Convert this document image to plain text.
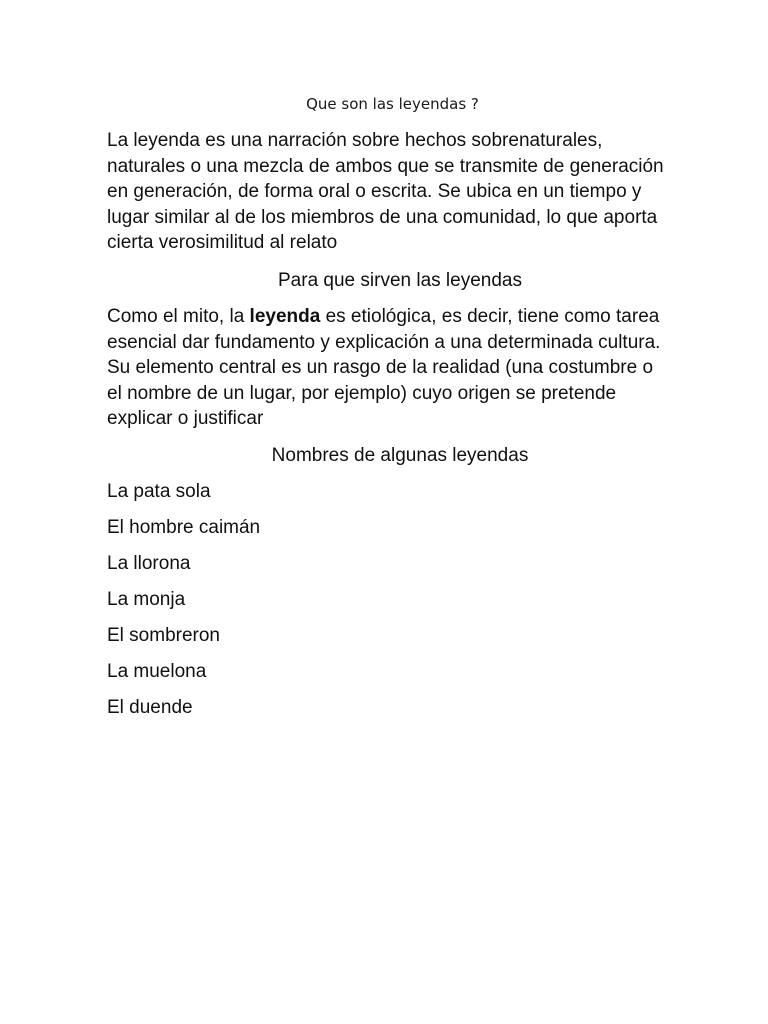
Que son las leyendas ?

La leyenda es una narración sobre hechos sobrenaturales, naturales o una mezcla de ambos que se transmite de generación en generación, de forma oral o escrita. Se ubica en un tiempo y lugar similar al de los miembros de una comunidad, lo que aporta cierta verosimilitud al relato

Para que sirven las leyendas

Como el mito, la leyenda es etiológica, es decir, tiene como tarea esencial dar fundamento y explicación a una determinada cultura. Su elemento central es un rasgo de la realidad (una costumbre o el nombre de un lugar, por ejemplo) cuyo origen se pretende explicar o justificar

Nombres de algunas leyendas
La pata sola
El hombre caimán
La llorona
La monja
El sombreron
La muelona
El duende
